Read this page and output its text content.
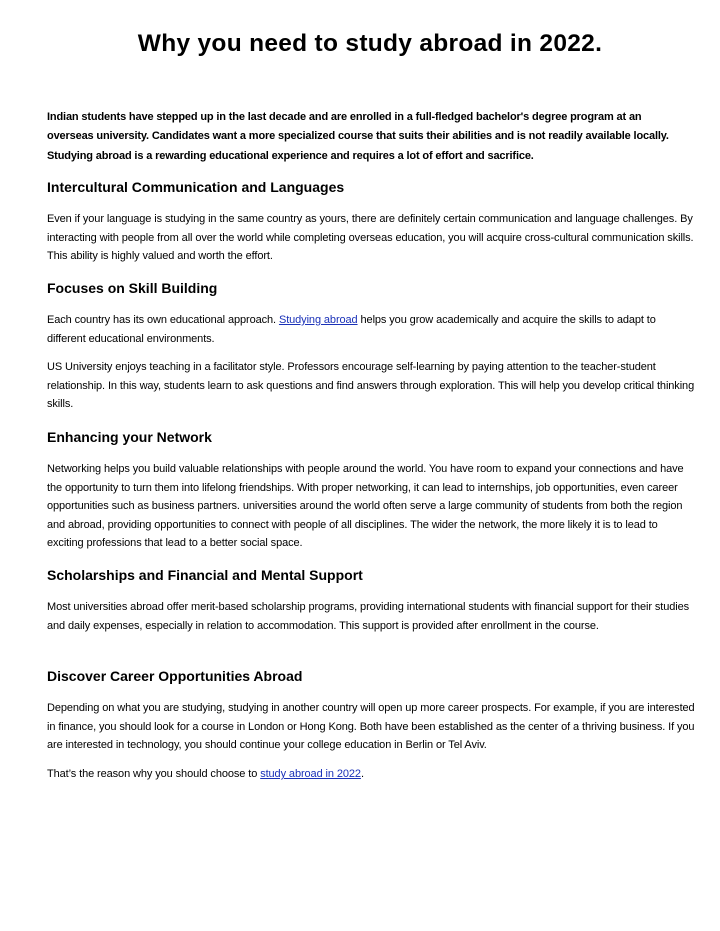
Why you need to study abroad in 2022.

Indian students have stepped up in the last decade and are enrolled in a full-fledged bachelor's degree program at an overseas university. Candidates want a more specialized course that suits their abilities and is not readily available locally. Studying abroad is a rewarding educational experience and requires a lot of effort and sacrifice.

Intercultural Communication and Languages

Even if your language is studying in the same country as yours, there are definitely certain communication and language challenges. By interacting with people from all over the world while completing overseas education, you will acquire cross-cultural communication skills. This ability is highly valued and worth the effort.

Focuses on Skill Building

Each country has its own educational approach. Studying abroad helps you grow academically and acquire the skills to adapt to different educational environments.

US University enjoys teaching in a facilitator style. Professors encourage self-learning by paying attention to the teacher-student relationship. In this way, students learn to ask questions and find answers through exploration. This will help you develop critical thinking skills.

Enhancing your Network

Networking helps you build valuable relationships with people around the world. You have room to expand your connections and have the opportunity to turn them into lifelong friendships. With proper networking, it can lead to internships, job opportunities, even career opportunities such as business partners. universities around the world often serve a large community of students from both the region and abroad, providing opportunities to connect with people of all disciplines. The wider the network, the more likely it is to lead to exciting professions that lead to a better social space.

Scholarships and Financial and Mental Support

Most universities abroad offer merit-based scholarship programs, providing international students with financial support for their studies and daily expenses, especially in relation to accommodation. This support is provided after enrollment in the course.

Discover Career Opportunities Abroad

Depending on what you are studying, studying in another country will open up more career prospects. For example, if you are interested in finance, you should look for a course in London or Hong Kong. Both have been established as the center of a thriving business. If you are interested in technology, you should continue your college education in Berlin or Tel Aviv.

That’s the reason why you should choose to study abroad in 2022.
